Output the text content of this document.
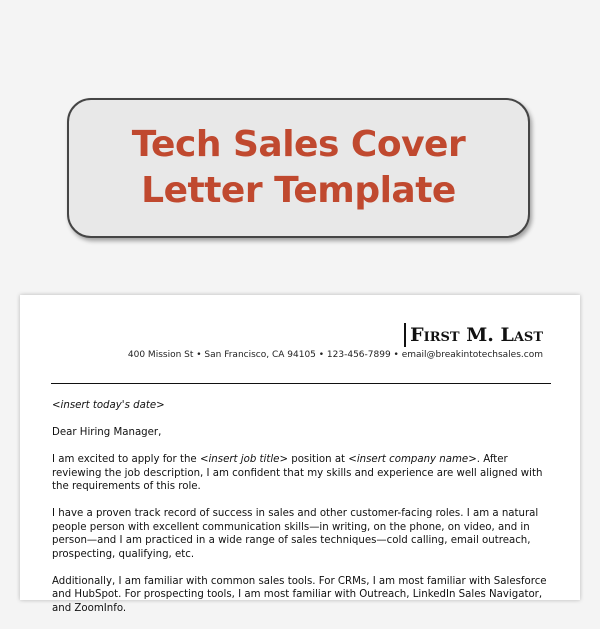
Tech Sales Cover
Letter Template
First M. Last
400 Mission St • San Francisco, CA 94105 • 123-456-7899 • email@breakintotechsales.com

<insert today's date>

Dear Hiring Manager,

I am excited to apply for the <insert job title> position at <insert company name>. After reviewing the job description, I am confident that my skills and experience are well aligned with the requirements of this role.

I have a proven track record of success in sales and other customer-facing roles. I am a natural people person with excellent communication skills—in writing, on the phone, on video, and in person—and I am practiced in a wide range of sales techniques—cold calling, email outreach, prospecting, qualifying, etc.

Additionally, I am familiar with common sales tools. For CRMs, I am most familiar with Salesforce and HubSpot. For prospecting tools, I am most familiar with Outreach, LinkedIn Sales Navigator, and ZoomInfo.
